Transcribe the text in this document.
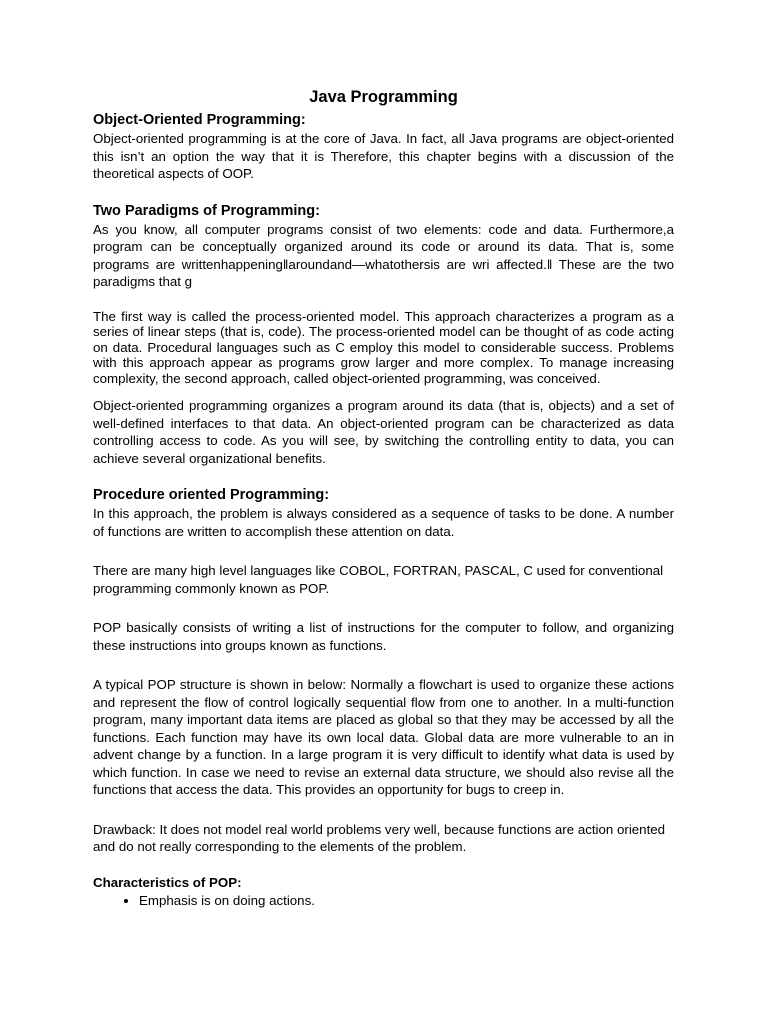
Java Programming
Object-Oriented Programming:

Object-oriented programming is at the core of Java. In fact, all Java programs are object-oriented this isn’t an option the way that it is Therefore, this chapter begins with a discussion of the theoretical aspects of OOP.

Two Paradigms of Programming:

As you know, all computer programs consist of two elements: code and data. Furthermore,a program can be conceptually organized around its code or around its data. That is, some programs are writtenhappening‖aroundand—whatothersis are wri affected.‖ These are the two paradigms that g

The first way is called the process-oriented model. This approach characterizes a program as a series of linear steps (that is, code). The process-oriented model can be thought of as code acting on data. Procedural languages such as C employ this model to considerable success. Problems with this approach appear as programs grow larger and more complex. To manage increasing complexity, the second approach, called object-oriented programming, was conceived.

Object-oriented programming organizes a program around its data (that is, objects) and a set of well-defined interfaces to that data. An object-oriented program can be characterized as data controlling access to code. As you will see, by switching the controlling entity to data, you can achieve several organizational benefits.

Procedure oriented Programming:

In this approach, the problem is always considered as a sequence of tasks to be done. A number of functions are written to accomplish these attention on data.

There are many high level languages like COBOL, FORTRAN, PASCAL, C used for conventional programming commonly known as POP.

POP basically consists of writing a list of instructions for the computer to follow, and organizing these instructions into groups known as functions.

A typical POP structure is shown in below: Normally a flowchart is used to organize these actions and represent the flow of control logically sequential flow from one to another. In a multi-function program, many important data items are placed as global so that they may be accessed by all the functions. Each function may have its own local data. Global data are more vulnerable to an in advent change by a function. In a large program it is very difficult to identify what data is used by which function. In case we need to revise an external data structure, we should also revise all the functions that access the data. This provides an opportunity for bugs to creep in.

Drawback: It does not model real world problems very well, because functions are action oriented and do not really corresponding to the elements of the problem.

Characteristics of POP:
• Emphasis is on doing actions.
